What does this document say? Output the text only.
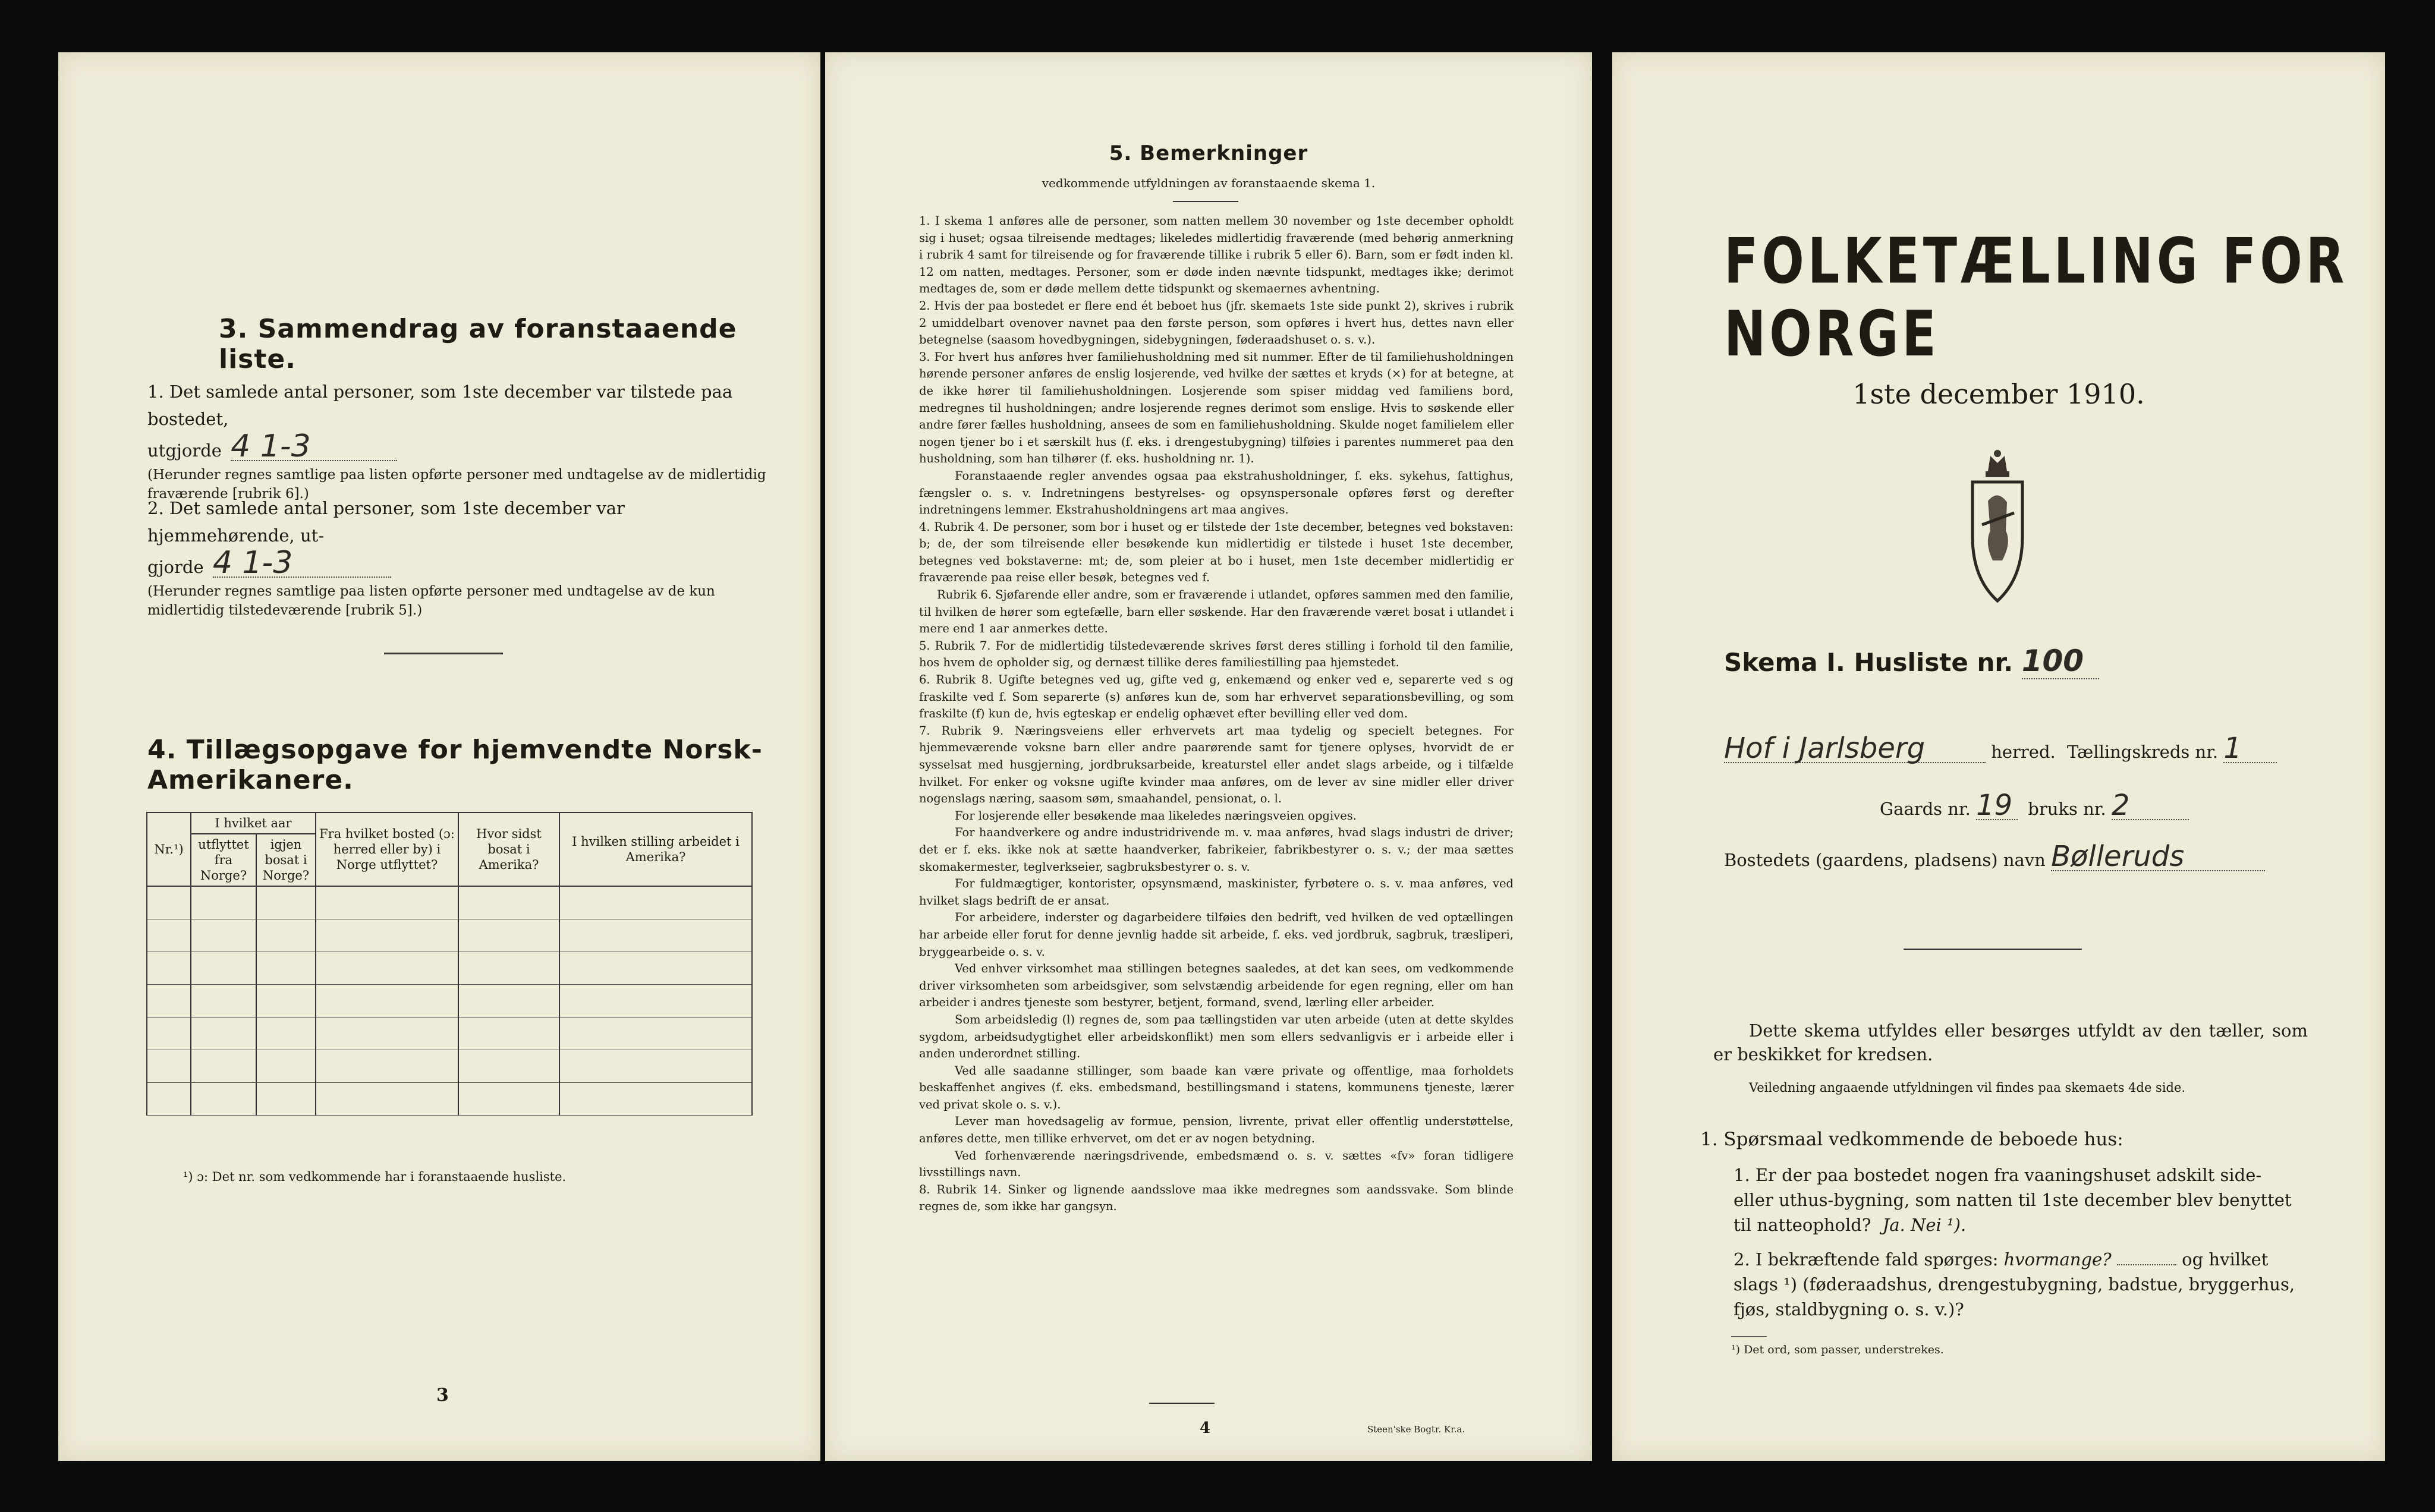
3. Sammendrag av foranstaaende liste.
1. Det samlede antal personer, som 1ste december var tilstede paa bostedet,
utgjorde 4 1-3
(Herunder regnes samtlige paa listen opførte personer med undtagelse av de midlertidig fraværende [rubrik 6].)
2. Det samlede antal personer, som 1ste december var hjemmehørende, ut-
gjorde 4 1-3
(Herunder regnes samtlige paa listen opførte personer med undtagelse av de kun midlertidig tilstedeværende [rubrik 5].)
4. Tillægsopgave for hjemvendte Norsk-Amerikanere.
Nr.¹)	I hvilket aar		Fra hvilket bosted (ɔ: herred eller by) i Norge utflyttet?	Hvor sidst bosat i Amerika?	I hvilken stilling arbeidet i Amerika?
	utflyttet fra Norge?	igjen bosat i Norge?			

¹) ɔ: Det nr. som vedkommende har i foranstaaende husliste.
3
5. Bemerkninger
vedkommende utfyldningen av foranstaaende skema 1.

1. I skema 1 anføres alle de personer, som natten mellem 30 november og 1ste december opholdt sig i huset; ogsaa tilreisende medtages; likeledes midlertidig fraværende (med behørig anmerkning i rubrik 4 samt for tilreisende og for fraværende tillike i rubrik 5 eller 6). Barn, som er født inden kl. 12 om natten, medtages. Personer, som er døde inden nævnte tidspunkt, medtages ikke; derimot medtages de, som er døde mellem dette tidspunkt og skemaernes avhentning.

2. Hvis der paa bostedet er flere end ét beboet hus (jfr. skemaets 1ste side punkt 2), skrives i rubrik 2 umiddelbart ovenover navnet paa den første person, som opføres i hvert hus, dettes navn eller betegnelse (saasom hovedbygningen, sidebygningen, føderaadshuset o. s. v.).

3. For hvert hus anføres hver familiehusholdning med sit nummer. Efter de til familiehusholdningen hørende personer anføres de enslig losjerende, ved hvilke der sættes et kryds (×) for at betegne, at de ikke hører til familiehusholdningen. Losjerende som spiser middag ved familiens bord, medregnes til husholdningen; andre losjerende regnes derimot som enslige. Hvis to søskende eller andre fører fælles husholdning, ansees de som en familiehusholdning. Skulde noget familielem eller nogen tjener bo i et særskilt hus (f. eks. i drengestubygning) tilføies i parentes nummeret paa den husholdning, som han tilhører (f. eks. husholdning nr. 1).

Foranstaaende regler anvendes ogsaa paa ekstrahusholdninger, f. eks. sykehus, fattighus, fængsler o. s. v. Indretningens bestyrelses- og opsynspersonale opføres først og derefter indretningens lemmer. Ekstrahusholdningens art maa angives.

4. Rubrik 4. De personer, som bor i huset og er tilstede der 1ste december, betegnes ved bokstaven: b; de, der som tilreisende eller besøkende kun midlertidig er tilstede i huset 1ste december, betegnes ved bokstaverne: mt; de, som pleier at bo i huset, men 1ste december midlertidig er fraværende paa reise eller besøk, betegnes ved f.

Rubrik 6. Sjøfarende eller andre, som er fraværende i utlandet, opføres sammen med den familie, til hvilken de hører som egtefælle, barn eller søskende. Har den fraværende været bosat i utlandet i mere end 1 aar anmerkes dette.

5. Rubrik 7. For de midlertidig tilstedeværende skrives først deres stilling i forhold til den familie, hos hvem de opholder sig, og dernæst tillike deres familiestilling paa hjemstedet.

6. Rubrik 8. Ugifte betegnes ved ug, gifte ved g, enkemænd og enker ved e, separerte ved s og fraskilte ved f. Som separerte (s) anføres kun de, som har erhvervet separationsbevilling, og som fraskilte (f) kun de, hvis egteskap er endelig ophævet efter bevilling eller ved dom.

7. Rubrik 9. Næringsveiens eller erhvervets art maa tydelig og specielt betegnes. For hjemmeværende voksne barn eller andre paarørende samt for tjenere oplyses, hvorvidt de er sysselsat med husgjerning, jordbruksarbeide, kreaturstel eller andet slags arbeide, og i tilfælde hvilket. For enker og voksne ugifte kvinder maa anføres, om de lever av sine midler eller driver nogenslags næring, saasom søm, smaahandel, pensionat, o. l.

For losjerende eller besøkende maa likeledes næringsveien opgives.

For haandverkere og andre industridrivende m. v. maa anføres, hvad slags industri de driver; det er f. eks. ikke nok at sætte haandverker, fabrikeier, fabrikbestyrer o. s. v.; der maa sættes skomakermester, teglverkseier, sagbruksbestyrer o. s. v.

For fuldmægtiger, kontorister, opsynsmænd, maskinister, fyrbøtere o. s. v. maa anføres, ved hvilket slags bedrift de er ansat.

For arbeidere, inderster og dagarbeidere tilføies den bedrift, ved hvilken de ved optællingen har arbeide eller forut for denne jevnlig hadde sit arbeide, f. eks. ved jordbruk, sagbruk, træsliperi, bryggearbeide o. s. v.

Ved enhver virksomhet maa stillingen betegnes saaledes, at det kan sees, om vedkommende driver virksomheten som arbeidsgiver, som selvstændig arbeidende for egen regning, eller om han arbeider i andres tjeneste som bestyrer, betjent, formand, svend, lærling eller arbeider.

Som arbeidsledig (l) regnes de, som paa tællingstiden var uten arbeide (uten at dette skyldes sygdom, arbeidsudygtighet eller arbeidskonflikt) men som ellers sedvanligvis er i arbeide eller i anden underordnet stilling.

Ved alle saadanne stillinger, som baade kan være private og offentlige, maa forholdets beskaffenhet angives (f. eks. embedsmand, bestillingsmand i statens, kommunens tjeneste, lærer ved privat skole o. s. v.).

Lever man hovedsagelig av formue, pension, livrente, privat eller offentlig understøttelse, anføres dette, men tillike erhvervet, om det er av nogen betydning.

Ved forhenværende næringsdrivende, embedsmænd o. s. v. sættes «fv» foran tidligere livsstillings navn.

8. Rubrik 14. Sinker og lignende aandsslove maa ikke medregnes som aandssvake. Som blinde regnes de, som ikke har gangsyn.

4	Steen'ske Bogtr. Kr.a.
FOLKETÆLLING FOR NORGE
1ste december 1910.
Skema I. Husliste nr. 100
Hof i Jarlsberg	herred. Tællingskreds nr. 1
Gaards nr. 19 bruks nr. 2
Bostedets (gaardens, pladsens) navn Bølleruds
Dette skema utfyldes eller besørges utfyldt av den tæller, som er beskikket for kredsen.
Veiledning angaaende utfyldningen vil findes paa skemaets 4de side.
1. Spørsmaal vedkommende de beboede hus:
1. Er der paa bostedet nogen fra vaaningshuset adskilt side- eller uthus-bygning, som natten til 1ste december blev benyttet til natteophold? Ja. Nei ¹).
2. I bekræftende fald spørges: hvormange?	og hvilket slags ¹) (føderaadshus, drengestubygning, badstue, bryggerhus, fjøs, staldbygning o. s. v.)?
¹) Det ord, som passer, understrekes.
